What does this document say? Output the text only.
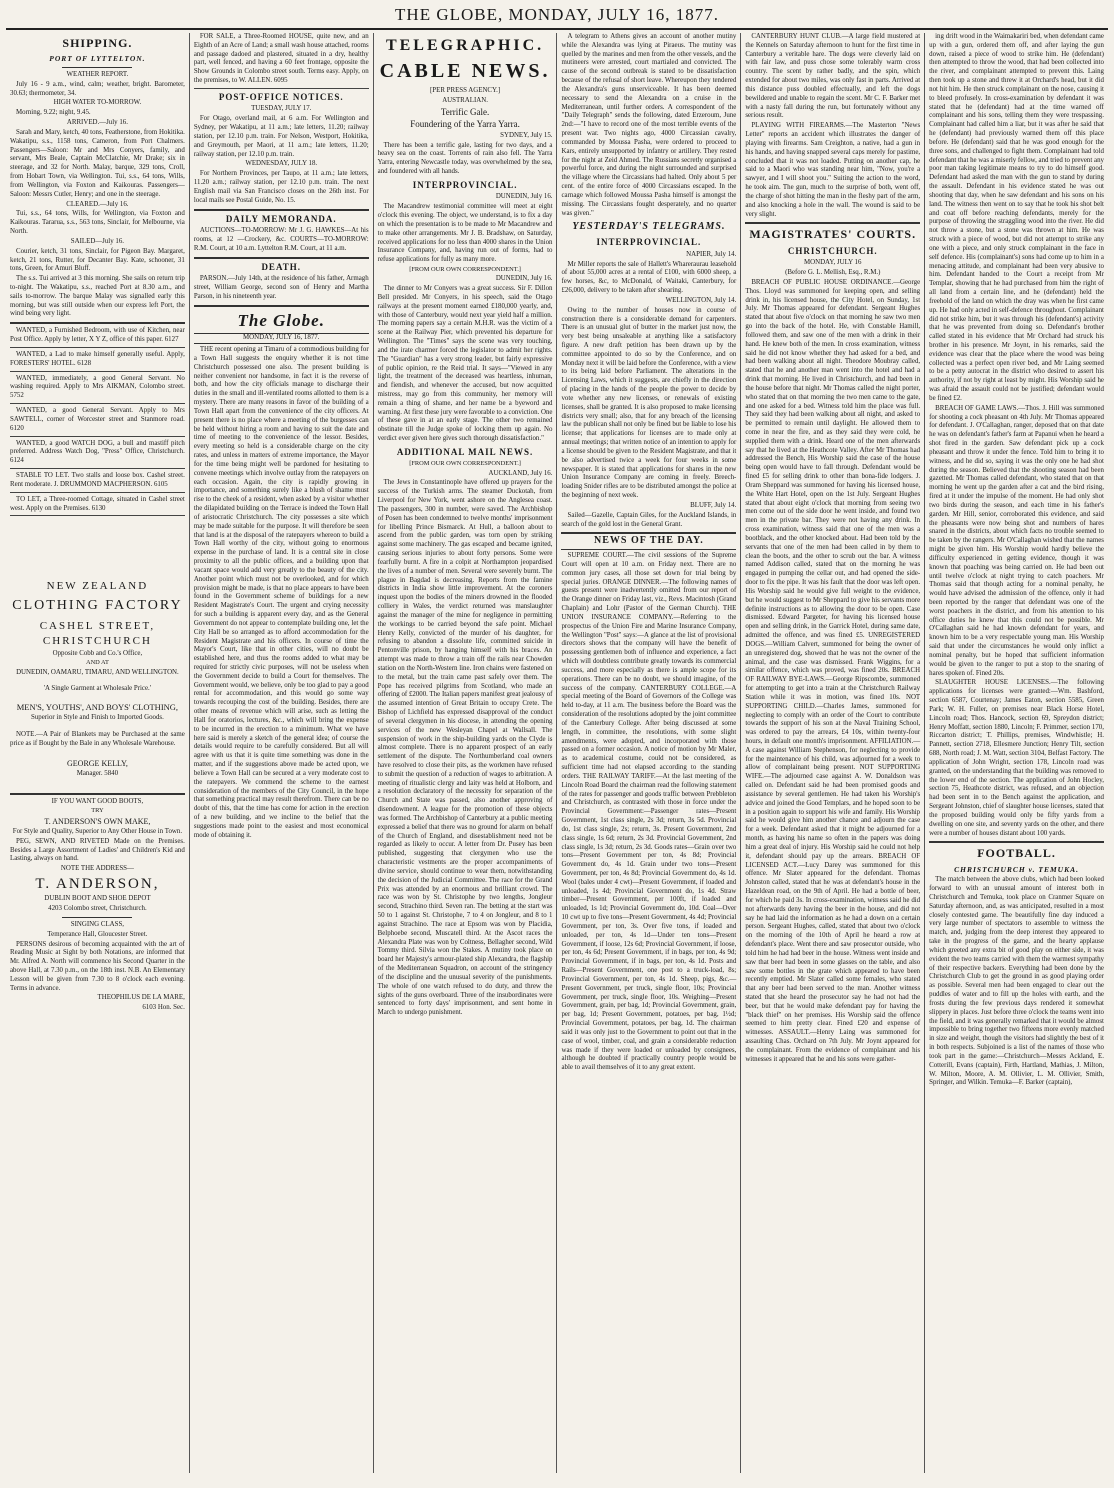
THE GLOBE, MONDAY, JULY 16, 1877.
SHIPPING.
PORT OF LYTTELTON.

WEATHER REPORT.

July 16 - 9 a.m., wind, calm; weather, bright. Barometer, 30.63; thermometer, 34.

HIGH WATER TO-MORROW.

Morning, 9.22; night, 9.45.

ARRIVED.—July 16.

Sarah and Mary, ketch, 40 tons, Featherstone, from Hokitika. Wakatipu, s.s., 1158 tons, Cameron, from Port Chalmers. Passengers—Saloon: Mr and Mrs Conyers, family, and servant, Mrs Beale, Captain McClatchie, Mr Drake; six in steerage, and 32 for North. Malay, barque, 329 tons, Croll, from Hobart Town, via Wellington. Tui, s.s., 64 tons, Wills, from Wellington, via Foxton and Kaikouras. Passengers—Saloon: Messrs Cutler, Henry; and one in the steerage.

CLEARED.—July 16.

Tui, s.s., 64 tons, Wills, for Wellington, via Foxton and Kaikouras. Tararua, s.s., 563 tons, Sinclair, for Melbourne, via North.

SAILED—July 16.

Courier, ketch, 31 tons, Sinclair, for Pigeon Bay. Margaret, ketch, 21 tons, Rutter, for Decanter Bay. Kate, schooner, 31 tons, Green, for Amuri Bluff.

The s.s. Tui arrived at 3 this morning. She sails on return trip to-night. The Wakatipu, s.s., reached Port at 8.30 a.m., and sails to-morrow. The barque Malay was signalled early this morning, but was still outside when our express left Port, the wind being very light.

WANTED, a Furnished Bedroom, with use of Kitchen, near Post Office. Apply by letter, X Y Z, office of this paper. 6127

WANTED, a Lad to make himself generally useful. Apply, FORESTERS' HOTEL. 6128

WANTED, immediately, a good General Servant. No washing required. Apply to Mrs AIKMAN, Colombo street. 5752

WANTED, a good General Servant. Apply to Mrs SAWTELL, corner of Worcester street and Stanmore road. 6120

WANTED, a good WATCH DOG, a bull and mastiff pitch preferred. Address Watch Dog, "Press" Office, Christchurch. 6124

STABLE TO LET. Two stalls and loose box. Cashel street. Rent moderate. J. DRUMMOND MACPHERSON. 6105

TO LET, a Three-roomed Cottage, situated in Cashel street west. Apply on the Premises. 6130

NEW ZEALAND

CLOTHING FACTORY

CASHEL STREET,

CHRISTCHURCH

Opposite Cobb and Co.'s Office,

AND AT

DUNEDIN, OAMARU, TIMARU, AND WELLINGTON.

'A Single Garment at Wholesale Price.'

MEN'S, YOUTHS', AND BOYS' CLOTHING,

Superior in Style and Finish to Imported Goods.

NOTE.—A Pair of Blankets may be Purchased at the same price as if Bought by the Bale in any Wholesale Warehouse.

GEORGE KELLY,

Manager. 5840

IF YOU WANT GOOD BOOTS,

TRY

T. ANDERSON'S OWN MAKE,

For Style and Quality, Superior to Any Other House in Town.

PEG, SEWN, AND RIVETED Made on the Premises. Besides a Large Assortment of Ladies' and Children's Kid and Lasting, always on hand.

NOTE THE ADDRESS—

T. ANDERSON,

DUBLIN BOOT AND SHOE DEPOT

4203 Colombo street, Christchurch.

SINGING CLASS,

Temperance Hall, Gloucester Street.

PERSONS desirous of becoming acquainted with the art of Reading Music at Sight by both Notations, are informed that Mr. Alfred A. North will commence his Second Quarter in the above Hall, at 7.30 p.m., on the 18th inst. N.B. An Elementary Lesson will be given from 7.30 to 8 o'clock each evening. Terms in advance.

THEOPHILUS DE LA MARE,

6103 Hon. Sec.

FOR SALE, a Three-Roomed HOUSE, quite new, and an Eighth of an Acre of Land; a small wash house attached, rooms and passage dadoed and plastered, situated in a dry, healthy part, well fenced, and having a 60 feet frontage, opposite the Show Grounds in Colombo street south. Terms easy. Apply, on the premises, to W. ALLEN. 6095

POST-OFFICE NOTICES.

TUESDAY, JULY 17.

For Otago, overland mail, at 6 a.m. For Wellington and Sydney, per Wakatipu, at 11 a.m.; late letters, 11.20; railway station, per 12.10 p.m. train. For Nelson, Westport, Hokitika, and Greymouth, per Maori, at 11 a.m.; late letters, 11.20; railway station, per 12.10 p.m. train.

WEDNESDAY, JULY 18.

For Northern Provinces, per Taupo, at 11 a.m.; late letters, 11.20 a.m.; railway station, per 12.10 p.m. train. The next English mail via San Francisco closes on the 26th inst. For local mails see Postal Guide, No. 15.

DAILY MEMORANDA.

AUCTIONS—TO-MORROW: Mr J. G. HAWKES—At his rooms, at 12 —Crockery, &c. COURTS—TO-MORROW: R.M. Court, at 10 a.m. Lyttelton R.M. Court, at 11 a.m.

DEATH.

PARSON.—July 14th, at the residence of his father, Armagh street, William George, second son of Henry and Martha Parson, in his nineteenth year.

The Globe.

MONDAY, JULY 16, 1877.

THE recent opening at Timaru of a commodious building for a Town Hall suggests the enquiry whether it is not time Christchurch possessed one also. The present building is neither convenient nor handsome, in fact it is the reverse of both, and how the city officials manage to discharge their duties in the small and ill-ventilated rooms allotted to them is a mystery. There are many reasons in favor of the building of a Town Hall apart from the convenience of the city officers. At present there is no place where a meeting of the burgesses can be held without hiring a room and having to suit the date and time of meeting to the convenience of the lessor. Besides, every meeting so held is a considerable charge on the city rates, and unless in matters of extreme importance, the Mayor for the time being might well be pardoned for hesitating to convene meetings which involve outlay from the ratepayers on each occasion. Again, the city is rapidly growing in importance, and something surely like a blush of shame must rise to the cheek of a resident, when asked by a visitor whether the dilapidated building on the Terrace is indeed the Town Hall of aristocratic Christchurch. The city possesses a site which may be made suitable for the purpose. It will therefore be seen that land is at the disposal of the ratepayers whereon to build a Town Hall worthy of the city, without going to enormous expense in the purchase of land. It is a central site in close proximity to all the public offices, and a building upon that vacant space would add very greatly to the beauty of the city. Another point which must not be overlooked, and for which provision might be made, is that no place appears to have been found in the Government scheme of buildings for a new Resident Magistrate's Court. The urgent and crying necessity for such a building is apparent every day, and as the General Government do not appear to contemplate building one, let the City Hall be so arranged as to afford accommodation for the Resident Magistrate and his officers. In course of time the Mayor's Court, like that in other cities, will no doubt be established here, and thus the rooms added to what may be required for strictly civic purposes, will not be useless when the Government decide to build a Court for themselves. The Government would, we believe, only be too glad to pay a good rental for accommodation, and this would go some way towards recouping the cost of the building. Besides, there are other means of revenue which will arise, such as letting the Hall for oratorios, lectures, &c., which will bring the expense to be incurred in the erection to a minimum. What we have here said is merely a sketch of the general idea; of course the details would require to be carefully considered. But all will agree with us that it is quite time something was done in the matter, and if the suggestions above made be acted upon, we believe a Town Hall can be secured at a very moderate cost to the ratepayers. We commend the scheme to the earnest consideration of the members of the City Council, in the hope that something practical may result therefrom. There can be no doubt of this, that the time has come for action in the erection of a new building, and we incline to the belief that the suggestions made point to the easiest and most economical mode of obtaining it.

TELEGRAPHIC.
CABLE NEWS.

[PER PRESS AGENCY.]

AUSTRALIAN.

Terrific Gale.

Foundering of the Yarra Yarra.

SYDNEY, July 15.

There has been a terrific gale, lasting for two days, and a heavy sea on the coast. Torrents of rain also fell. The Yarra Yarra, entering Newcastle today, was overwhelmed by the sea, and foundered with all hands.

INTERPROVINCIAL.

DUNEDIN, July 16.

The Macandrew testimonial committee will meet at eight o'clock this evening. The object, we understand, is to fix a day on which the presentation is to be made to Mr Macandrew and to make other arrangements. Mr J. B. Bradshaw, on Saturday, received applications for no less than 4000 shares in the Union Insurance Company, and, having run out of forms, had to refuse applications for fully as many more.

[FROM OUR OWN CORRESPONDENT.]

DUNEDIN, July 16.

The dinner to Mr Conyers was a great success. Sir F. Dillon Bell presided. Mr Conyers, in his speech, said the Otago railways at the present moment earned £180,000 yearly, and, with those of Canterbury, would next year yield half a million. The morning papers say a certain M.H.R. was the victim of a scene at the Railway Pier, which prevented his departure for Wellington. The "Times" says the scene was very touching, and the irate charmer forced the legislator to admit her rights. The "Guardian" has a very strong leader, but fairly expressive of public opinion, re the Reid trial. It says—"Viewed in any light, the treatment of the deceased was heartless, inhuman, and fiendish, and whenever the accused, but now acquitted mistress, may go from this community, her memory will remain a thing of shame, and her name be a byeword and warning. At first these jury were favorable to a conviction. One of these gave in at an early stage. The other two remained obstinate till the Judge spoke of locking them up again. No verdict ever given here gives such thorough dissatisfaction."

ADDITIONAL MAIL NEWS.

[FROM OUR OWN CORRESPONDENT.]

AUCKLAND, July 16.

The Jews in Constantinople have offered up prayers for the success of the Turkish arms. The steamer Duckotah, from Liverpool for New York, went ashore on the Anglesea coast. The passengers, 300 in number, were saved. The Archbishop of Posen has been condemned to twelve months' imprisonment for libelling Prince Bismarck. At Hull, a balloon about to ascend from the public garden, was torn open by striking against some machinery. The gas escaped and became ignited, causing serious injuries to about forty persons. Some were fearfully burnt. A fire in a colpit at Northampton jeopardised the lives of a number of men. Several were severely burnt. The plague in Bagdad is decreasing. Reports from the famine districts in India show little improvement. At the coroners inquest upon the bodies of the miners drowned in the flooded colliery in Wales, the verdict returned was manslaughter against the manager of the mine for negligence in permitting the workings to be carried beyond the safe point. Michael Henry Kelly, convicted of the murder of his daughter, for refusing to abandon a dissolute life, committed suicide in Pentonville prison, by hanging himself with his braces. An attempt was made to throw a train off the rails near Chowden station on the North-Western line. Iron chains were fastened on to the metal, but the train came past safely over them. The Pope has received pilgrims from Scotland, who made an offering of £2000. The Italian papers manifest great jealousy of the assumed intention of Great Britain to occupy Crete. The Bishop of Lichfield has expressed disapproval of the conduct of several clergymen in his diocese, in attending the opening services of the new Wesleyan Chapel at Wallsall. The suspension of work in the ship-building yards on the Clyde is almost complete. There is no apparent prospect of an early settlement of the dispute. The Northumberland coal owners have resolved to close their pits, as the workmen have refused to submit the question of a reduction of wages to arbitration. A meeting of ritualistic clergy and laity was held at Holborn, and a resolution declaratory of the necessity for separation of the Church and State was passed, also another approving of disendowment. A league for the promotion of these objects was formed. The Archbishop of Canterbury at a public meeting expressed a belief that there was no ground for alarm on behalf of the Church of England, and disestablishment need not be regarded as likely to occur. A letter from Dr. Pusey has been published, suggesting that clergymen who use the characteristic vestments are the proper accompaniments of divine service, should continue to wear them, notwithstanding the decision of the Judicial Committee. The race for the Grand Prix was attended by an enormous and brilliant crowd. The race was won by St. Christophe by two lengths, Jongleur second, Strachino third. Seven ran. The betting at the start was 50 to 1 against St. Christophe, 7 to 4 on Jongleur, and 8 to 1 against Strachino. The race at Epsom was won by Placidia, Belphoebe second, Muscatell third. At the Ascot races the Alexandra Plate was won by Coltness, Bellagher second, Wild Tommy third. Silvia won the Stakes. A mutiny took place on board her Majesty's armour-plated ship Alexandra, the flagship of the Mediterranean Squadron, on account of the stringency of the discipline and the unusual severity of the punishments. The whole of one watch refused to do duty, and threw the sights of the guns overboard. Three of the insubordinates were sentenced to forty days' imprisonment, and sent home in March to undergo punishment.

A telegram to Athens gives an account of another mutiny while the Alexandra was lying at Piraeus. The mutiny was quelled by the marines and men from the other vessels, and the mutineers were arrested, court martialed and convicted. The cause of the second outbreak is stated to be dissatisfaction because of the refusal of short leave. Whereupon they tendered the Alexandra's guns unserviceable. It has been deemed necessary to send the Alexandra on a cruise in the Mediterranean, until further orders. A correspondent of the "Daily Telegraph" sends the following, dated Erzeroum, June 2nd:—"I have to record one of the most terrible events of the present war. Two nights ago, 4000 Circassian cavalry, commanded by Moussa Pasha, were ordered to proceed to Kars, entirely unsupported by infantry or artillery. They rested for the night at Zeid Ahmed. The Russians secretly organised a powerful force, and during the night surrounded and surprised the village where the Circassians had halted. Only about 5 per cent. of the entire force of 4000 Circassians escaped. In the carnage which followed Moussa Pasha himself is amongst the missing. The Circassians fought desperately, and no quarter was given."

YESTERDAY'S TELEGRAMS.
INTERPROVINCIAL.

NAPIER, July 14.

Mr Miller reports the sale of Hallett's Whareraurau leasehold of about 55,000 acres at a rental of £100, with 6000 sheep, a few horses, &c, to McDonald, of Waitaki, Canterbury, for £26,000, delivery to be taken after shearing.

WELLINGTON, July 14.

Owing to the number of houses now in course of construction there is a considerable demand for carpenters. There is an unusual glut of butter in the market just now, the very best being unsaleable at anything like a satisfactory figure. A new draft petition has been drawn up by the committee appointed to do so by the Conference, and on Monday next it will be laid before the Conference, with a view to its being laid before Parliament. The alterations in the Licensing Laws, which it suggests, are chiefly in the direction of placing in the hands of the people the power to decide by vote whether any new licenses, or renewals of existing licenses, shall be granted. It is also proposed to make licensing districts very small; also, that for any breach of the licensing law the publican shall not only be fined but be liable to lose his license; that applications for licenses are to made only at annual meetings; that written notice of an intention to apply for a license should be given to the Resident Magistrate, and that it be also advertised twice a week for four weeks in some newspaper. It is stated that applications for shares in the new Union Insurance Company are coming in freely. Breech-loading Snider rifles are to be distributed amongst the police at the beginning of next week.

BLUFF, July 14.

Sailed—Gazelle, Captain Giles, for the Auckland Islands, in search of the gold lost in the General Grant.

NEWS OF THE DAY.

SUPREME COURT.—The civil sessions of the Supreme Court will open at 10 a.m. on Friday next. There are no common jury cases, all those set down for trial being by special juries. ORANGE DINNER.—The following names of guests present were inadvertently omitted from our report of the Orange dinner on Friday last, viz., Revs. Macintosh (Grand Chaplain) and Lohr (Pastor of the German Church). THE UNION INSURANCE COMPANY.—Referring to the prospectus of the Union Fire and Marine Insurance Company, the Wellington "Post" says:—A glance at the list of provisional directors shows that the company will have the benefit of possessing gentlemen both of influence and experience, a fact which will doubtless contribute greatly towards its commercial success, and more especially as there is ample scope for its operations. There can be no doubt, we should imagine, of the success of the company. CANTERBURY COLLEGE.—A special meeting of the Board of Governors of the College was held to-day, at 11 a.m. The business before the Board was the consideration of the resolutions adopted by the joint committee of the Canterbury College. After being discussed at some length, in committee, the resolutions, with some slight amendments, were adopted, and incorporated with those passed on a former occasion. A notice of motion by Mr Maler, as to academical costume, could not be considered, as sufficient time had not elapsed according to the standing orders. THE RAILWAY TARIFF.—At the last meeting of the Lincoln Road Board the chairman read the following statement of the rates for passenger and goods traffic between Prebbleton and Christchurch, as contrasted with those in force under the Provincial Government:—Passenger rates—Present Government, 1st class single, 2s 3d; return, 3s 5d. Provincial do, 1st class single, 2s; return, 3s. Present Government, 2nd class single, 1s 6d; return, 2s 3d. Provincial Government, 2nd class single, 1s 3d; return, 2s 3d. Goods rates—Grain over two tons—Present Government per ton, 4s 8d; Provincial Government do, 4s 1d. Grain under two tons—Present Government, per ton, 4s 8d; Provincial Government do, 4s 1d. Wool (bales under 4 cwt)—Present Government, if loaded and unloaded, 1s 4d; Provincial Government do, 1s 4d. Straw timber—Present Government, per 100ft, if loaded and unloaded, 1s 1d; Provincial Government do, 10d. Coal—Over 10 cwt up to five tons—Present Government, 4s 4d; Provincial Government, per ton, 3s. Over five tons, if loaded and unloaded, per ton, 4s 1d—Under ten tons—Present Government, if loose, 12s 6d; Provincial Government, if loose, per ton, 4s 6d; Present Government, if in bags, per ton, 4s 9d; Provincial Government, if in bags, per ton, 4s 1d. Posts and Rails—Present Government, one post to a truck-load, 8s; Provincial Government, per ton, 4s 1d. Sheep, pigs, &c.—Present Government, per truck, single floor, 10s; Provincial Government, per truck, single floor, 10s. Weighing—Present Government, grain, per bag, 1d; Provincial Government, grain, per bag, 1d; Present Government, potatoes, per bag, 1½d; Provincial Government, potatoes, per bag, 1d. The chairman said it was only just to the Government to point out that in the case of wool, timber, coal, and grain a considerable reduction was made if they were loaded or unloaded by consignees, although he doubted if practically country people would be able to avail themselves of it to any great extent.

CANTERBURY HUNT CLUB.—A large field mustered at the Kennels on Saturday afternoon to hunt for the first time in Canterbury a veritable hare. The dogs were cleverly laid on with fair law, and puss chose some tolerably warm cross country. The scent by rather badly, and the spin, which extended for about two miles, was only fast in parts. Arrived at this distance puss doubled effectually, and left the dogs bewildered and unable to regain the scent. Mr C. F. Barker met with a nasty fall during the run, but fortunately without any serious result.

PLAYING WITH FIREARMS.—The Masterton "News Letter" reports an accident which illustrates the danger of playing with firearms. Sam Creighton, a native, had a gun in his hands, and having snapped several caps merely for pastime, concluded that it was not loaded. Putting on another cap, he said to a Maori who was standing near him, "Now, you're a sawyer, and I will shoot you." Suiting the action to the word, he took aim. The gun, much to the surprise of both, went off, the charge of shot hitting the man in the fleshy part of the arm, and also knocking a hole in the wall. The wound is said to be very slight.

MAGISTRATES' COURTS.
CHRISTCHURCH.

MONDAY, JULY 16

(Before G. L. Mellish, Esq., R.M.)

BREACH OF PUBLIC HOUSE ORDINANCE.—George Thos. Lloyd was summoned for keeping open, and selling drink in, his licensed house, the City Hotel, on Sunday, 1st July. Mr Thomas appeared for defendant. Sergeant Hughes stated that about five o'clock on that morning he saw two men go into the back of the hotel. He, with Constable Hamill, followed them, and saw one of the men with a drink in their hand. He knew both of the men. In cross examination, witness said he did not know whether they had asked for a bed, and had been walking about all night. Theodore Moubray called, stated that he and another man went into the hotel and had a drink that morning. He lived in Christchurch, and had been in the house before that night. Mr Thomas called the night porter, who stated that on that morning the two men came to the gate, and one asked for a bed. Witness told him the place was full. They said they had been walking about all night, and asked to be permitted to remain until daylight. He allowed them to come in near the fire, and as they said they were cold, he supplied them with a drink. Heard one of the men afterwards say that he lived at the Heathcote Valley. After Mr Thomas had addressed the Bench, His Worship said the case of the house being open would have to fall through. Defendant would be fined £5 for selling drink to other than bona-fide lodgers. J. Oram Sheppard was summoned for having his licensed house, the White Hart Hotel, open on the 1st July. Sergeant Hughes stated that about eight o'clock that morning from seeing two men come out of the side door he went inside, and found two men in the private bar. They were not having any drink. In cross examination, witness said that one of the men was a bootblack, and the other knocked about. Had been told by the servants that one of the men had been called in by them to clean the boots, and the other to scrub out the bar. A witness named Addison called, stated that on the morning he was engaged in pumping the cellar out, and had opened the side-door to fix the pipe. It was his fault that the door was left open. His Worship said he would give full weight to the evidence, but he would suggest to Mr Sheppard to give his servants more definite instructions as to allowing the door to be open. Case dismissed. Edward Pargeter, for having his licensed house open and selling drink, in the Garrick Hotel, during same date, admitted the offence, and was fined £5. UNREGISTERED DOGS.—William Calvert, summoned for being the owner of an unregistered dog, showed that he was not the owner of the animal, and the case was dismissed. Frank Wiggins, for a similar offence, which was proved, was fined 20s. BREACH OF RAILWAY BYE-LAWS.—George Ripscombe, summoned for attempting to get into a train at the Christchurch Railway Station while it was in motion, was fined 10s. NOT SUPPORTING CHILD.—Charles James, summoned for neglecting to comply with an order of the Court to contribute towards the support of his son at the Naval Training School, was ordered to pay the arrears, £4 10s, within twenty-four hours, in default one month's imprisonment. AFFILIATION.—A case against William Stephenson, for neglecting to provide for the maintenance of his child, was adjourned for a week to allow of complainant being present. NOT SUPPORTING WIFE.—The adjourned case against A. W. Donaldson was called on. Defendant said he had been promised goods and assistance by several gentlemen. He had taken his Worship's advice and joined the Good Templars, and he hoped soon to be in a position again to support his wife and family. His Worship said he would give him another chance and adjourn the case for a week. Defendant asked that it might be adjourned for a month, as having his name so often in the papers was doing him a great deal of injury. His Worship said he could not help it, defendant should pay up the arrears. BREACH OF LICENSED ACT.—Lucy Darey was summoned for this offence. Mr Slater appeared for the defendant. Thomas Johnston called, stated that he was at defendant's house in the Hazeldean road, on the 9th of April. He had a bottle of beer, for which he paid 3s. In cross-examination, witness said he did not afterwards deny having the beer in the house, and did not say he had laid the information as he had a down on a certain person. Sergeant Hughes, called, stated that about two o'clock on the morning of the 10th of April he heard a row at defendant's place. Went there and saw prosecutor outside, who told him he had had beer in the house. Witness went inside and saw that beer had been in some glasses on the table, and also saw some bottles in the grate which appeared to have been recently emptied. Mr Slater called some females, who stated that any beer had been served to the man. Another witness stated that she heard the prosecutor say he had not had the beer, but that he would make defendant pay for having the "black thief" on her premises. His Worship said the offence seemed to him pretty clear. Fined £20 and expense of witnesses. ASSAULT.—Henry Laing was summoned for assaulting Chas. Orchard on 7th July. Mr Joynt appeared for the complainant. From the evidence of complainant and his witnesses it appeared that he and his sons were gather-

ing drift wood in the Waimakariri bed, when defendant came up with a gun, ordered them off, and after laying the gun down, raised a piece of wood to strike him. He (defendant) then attempted to throw the wood, that had been collected into the river, and complainant attempted to prevent this. Laing then took up a stone and threw it at Orchard's head, but it did not hit him. He then struck complainant on the nose, causing it to bleed profusely. In cross-examination by defendant it was stated that he (defendant) had at the time warned off complainant and his sons, telling them they were trespassing. Complainant had called him a liar, but it was after he said that he (defendant) had previously warned them off this place before. He (defendant) said that he was good enough for the three sons, and challenged to fight them. Complainant had told defendant that he was a miserly fellow, and tried to prevent any poor man taking legitimate means to try to do himself good. Defendant had asked the man with the gun to stand by during the assault. Defendant in his evidence stated he was out shooting that day, when he saw defendant and his sons on his land. The witness then went on to say that he took his shot belt and coat off before reaching defendants, merely for the purpose of throwing the straggling wood into the river. He did not throw a stone, but a stone was thrown at him. He was struck with a piece of wood, but did not attempt to strike any one with a piece, and only struck complainant in the face in self defence. His (complainant's) sons had come up to him in a menacing attitude, and complainant had been very abusive to him. Defendant handed to the Court a receipt from Mr Templar, showing that he had purchased from him the right of all land from a certain line, and he (defendant) held the freehold of the land on which the dray was when he first came up. He had only acted in self-defence throughout. Complainant did not strike him, but it was through his (defendant's) activity that he was prevented from doing so. Defendant's brother called stated in his evidence that Mr Orchard had struck his brother in his presence. Mr Joynt, in his remarks, said the evidence was clear that the place where the wood was being collected was a perfect open river bed, and Mr Laing seemed to be a petty autocrat in the district who desired to assert his authority, if not by right at least by might. His Worship said he was afraid the assault could not be justified; defendant would be fined £2.

BREACH OF GAME LAWS.—Thos. J. Hill was summoned for shooting a cock pheasant on 4th July. Mr Thomas appeared for defendant. J. O'Callaghan, ranger, deposed that on that date he was on defendant's father's farm at Papanui when he heard a shot fired in the garden. Saw defendant pick up a cock pheasant and throw it under the fence. Told him to bring it to witness, and he did so, saying it was the only one he had shot during the season. Believed that the shooting season had been gazetted. Mr Thomas called defendant, who stated that on that morning he went up the garden after a cat and the bird rising, fired at it under the impulse of the moment. He had only shot two birds during the season, and each time in his father's garden. Mr Hill, senior, corroborated this evidence, and said the pheasants were now being shot and numbers of hares snared in the districts, about which facts no trouble seemed to be taken by the rangers. Mr O'Callaghan wished that the names might be given him. His Worship would hardly believe the difficulty experienced in getting evidence, though it was known that poaching was being carried on. He had been out until twelve o'clock at night trying to catch poachers. Mr Thomas said that though acting for a nominal penalty, he would have advised the admission of the offence, only it had been reported by the ranger that defendant was one of the worst poachers in the district, and from his attention to his office duties he knew that this could not be possible. Mr O'Callaghan said he had known defendant for years, and known him to be a very respectable young man. His Worship said that under the circumstances he would only inflict a nominal penalty, but he hoped that sufficient information would be given to the ranger to put a stop to the snaring of hares spoken of. Fined 20s.

SLAUGHTER HOUSE LICENSES.—The following applications for licenses were granted:—Wm. Bashford, section 6587, Courtenay; James Eaton, section 5585, Green Park; W. H. Fuller, on premises near Black Horse Hotel, Lincoln road; Thos. Hancock, section 69, Spreydon district; Henry Moffatt, section 1880, Lincoln; F. Primmer, section 170, Riccarton district; T. Phillips, premises, Windwhistle; H. Pannett, section 2718, Ellesmere Junction; Henry Tilt, section 688, North road; J. M. Watt, section 3104, Belfast Factory. The application of John Wright, section 178, Lincoln road was granted, on the understanding that the building was removed to the lower end of the section. The application of John Hocley, section 75, Heathcote district, was refused, and an objection had been sent in to the Bench against the application, and Sergeant Johnston, chief of slaughter house licenses, stated that the proposed building would only be fifty yards from a dwelling on one site, and seventy yards on the other, and there were a number of houses distant about 100 yards.

FOOTBALL.
CHRISTCHURCH v. TEMUKA.

The match between the above clubs, which had been looked forward to with an unusual amount of interest both in Christchurch and Temuka, took place on Cranmer Square on Saturday afternoon, and, as was anticipated, resulted in a most closely contested game. The beautifully fine day induced a very large number of spectators to assemble to witness the match, and, judging from the deep interest they appeared to take in the progress of the game, and the hearty applause which greeted any extra bit of good play on either side, it was evident the two teams carried with them the warmest sympathy of their respective backers. Everything had been done by the Christchurch Club to get the ground in as good playing order as possible. Several men had been engaged to clear out the puddles of water and to fill up the holes with earth, and the frosts during the few previous days rendered it somewhat slippery in places. Just before three o'clock the teams went into the field, and it was generally remarked that it would be almost impossible to bring together two fifteens more evenly matched in size and weight, though the visitors had slightly the best of it in both respects. Subjoined is a list of the names of those who took part in the game:—Christchurch—Messrs Ackland, E. Cotterill, Evans (captain), Firth, Hartland, Mathias, J. Milton, W. Milton, Moore, A. M. Ollivier, L. M. Ollivier, Smith, Springer, and Wilkin. Temuka—F. Barker (captain),
